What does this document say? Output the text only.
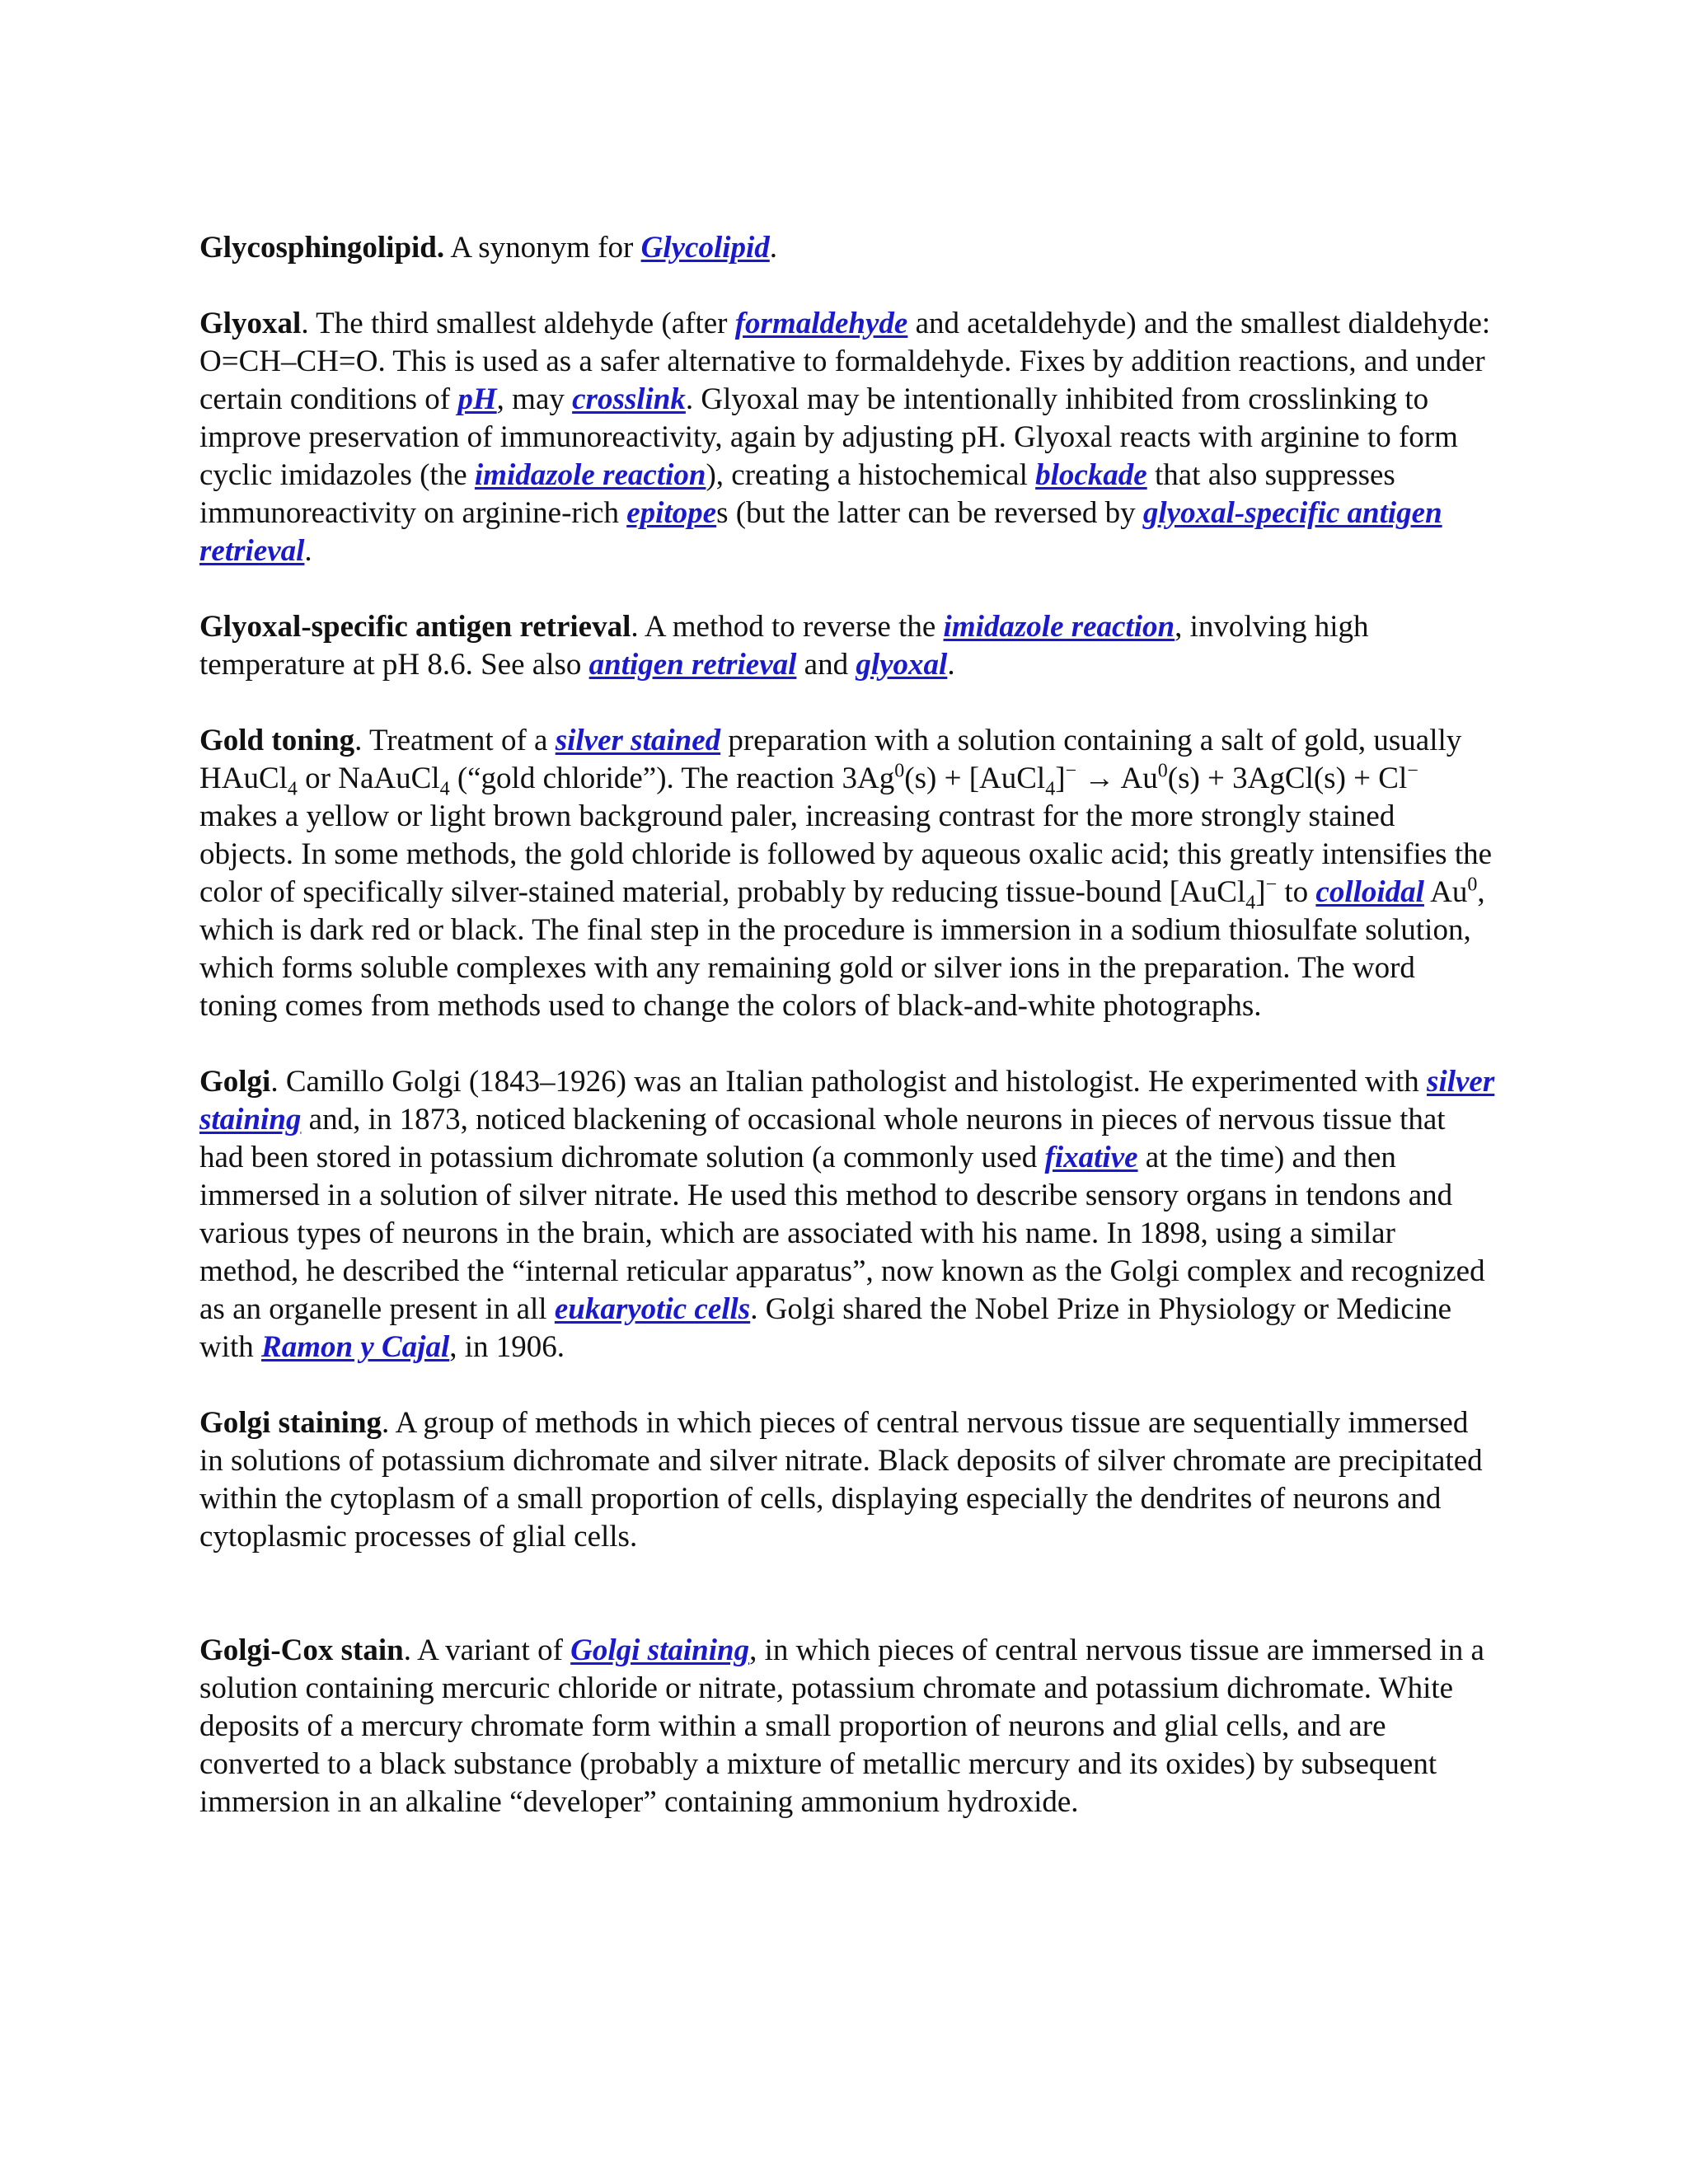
Glycosphingolipid. A synonym for Glycolipid.

Glyoxal. The third smallest aldehyde (after formaldehyde and acetaldehyde) and the smallest dialdehyde: O=CH–CH=O. This is used as a safer alternative to formaldehyde. Fixes by addition reactions, and under certain conditions of pH, may crosslink. Glyoxal may be intentionally inhibited from crosslinking to improve preservation of immunoreactivity, again by adjusting pH. Glyoxal reacts with arginine to form cyclic imidazoles (the imidazole reaction), creating a histochemical blockade that also suppresses immunoreactivity on arginine-rich epitopes (but the latter can be reversed by glyoxal-specific antigen retrieval.

Glyoxal-specific antigen retrieval. A method to reverse the imidazole reaction, involving high temperature at pH 8.6. See also antigen retrieval and glyoxal.

Gold toning. Treatment of a silver stained preparation with a solution containing a salt of gold, usually HAuCl$_4$ or NaAuCl$_4$ (“gold chloride”). The reaction $3Ag^0(s)$ + [AuCl$_4$]− → $Au^0(s)$ + 3AgCl(s) + Cl− makes a yellow or light brown background paler, increasing contrast for the more strongly stained objects. In some methods, the gold chloride is followed by aqueous oxalic acid; this greatly intensifies the color of specifically silver-stained material, probably by reducing tissue-bound [AuCl$_4$]− to colloidal Au$^0$, which is dark red or black. The final step in the procedure is immersion in a sodium thiosulfate solution, which forms soluble complexes with any remaining gold or silver ions in the preparation. The word toning comes from methods used to change the colors of black-and-white photographs.

Golgi. Camillo Golgi (1843–1926) was an Italian pathologist and histologist. He experimented with silver staining and, in 1873, noticed blackening of occasional whole neurons in pieces of nervous tissue that had been stored in potassium dichromate solution (a commonly used fixative at the time) and then immersed in a solution of silver nitrate. He used this method to describe sensory organs in tendons and various types of neurons in the brain, which are associated with his name. In 1898, using a similar method, he described the “internal reticular apparatus”, now known as the Golgi complex and recognized as an organelle present in all eukaryotic cells. Golgi shared the Nobel Prize in Physiology or Medicine with Ramon y Cajal, in 1906.

Golgi staining. A group of methods in which pieces of central nervous tissue are sequentially immersed in solutions of potassium dichromate and silver nitrate. Black deposits of silver chromate are precipitated within the cytoplasm of a small proportion of cells, displaying especially the dendrites of neurons and cytoplasmic processes of glial cells.

Golgi-Cox stain. A variant of Golgi staining, in which pieces of central nervous tissue are immersed in a solution containing mercuric chloride or nitrate, potassium chromate and potassium dichromate. White deposits of a mercury chromate form within a small proportion of neurons and glial cells, and are converted to a black substance (probably a mixture of metallic mercury and its oxides) by subsequent immersion in an alkaline “developer” containing ammonium hydroxide.
